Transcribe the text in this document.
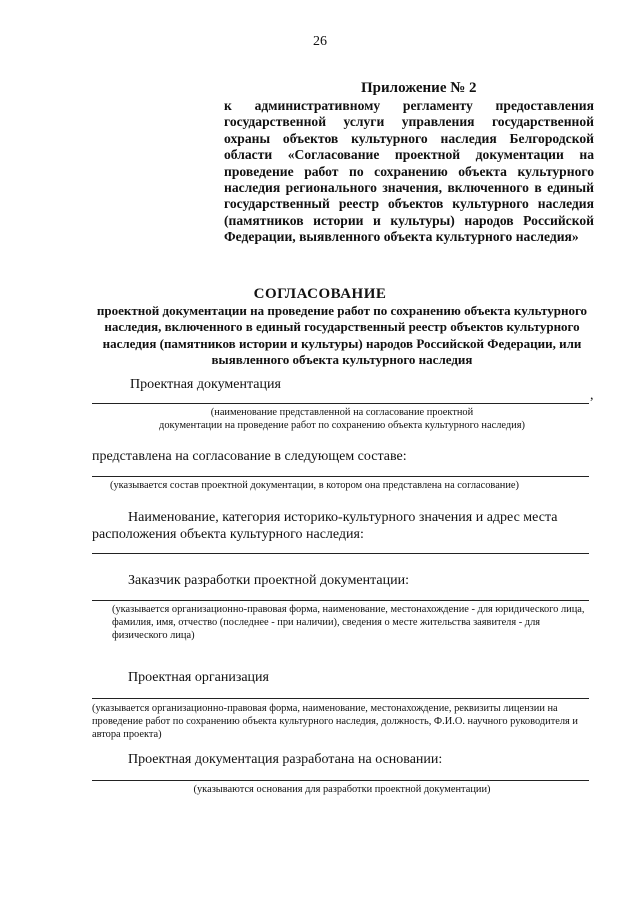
26
Приложение № 2
к административному регламенту предоставления государственной услуги управления государственной охраны объектов культурного наследия Белгородской области «Согласование проектной документации на проведение работ по сохранению объекта культурного наследия регионального значения, включенного в единый государственный реестр объектов культурного наследия (памятников истории и культуры) народов Российской Федерации, выявленного объекта культурного наследия»
СОГЛАСОВАНИЕ
проектной документации на проведение работ по сохранению объекта культурного наследия, включенного в единый государственный реестр объектов культурного наследия (памятников истории и культуры) народов Российской Федерации, или выявленного объекта культурного наследия
Проектная документация
,
(наименование представленной на согласование проектной
документации на проведение работ по сохранению объекта культурного наследия)
представлена на согласование в следующем составе:
(указывается состав проектной документации, в котором она представлена на согласование)
Наименование, категория историко-культурного значения и адрес места
расположения объекта культурного наследия:
Заказчик разработки проектной документации:
(указывается организационно-правовая форма, наименование, местонахождение - для юридического лица, фамилия, имя, отчество (последнее - при наличии), сведения о месте жительства заявителя - для физического лица)
Проектная организация
(указывается организационно-правовая форма, наименование, местонахождение, реквизиты лицензии на проведение работ по сохранению объекта культурного наследия, должность, Ф.И.О. научного руководителя и автора проекта)
Проектная документация разработана на основании:
(указываются основания для разработки проектной документации)
